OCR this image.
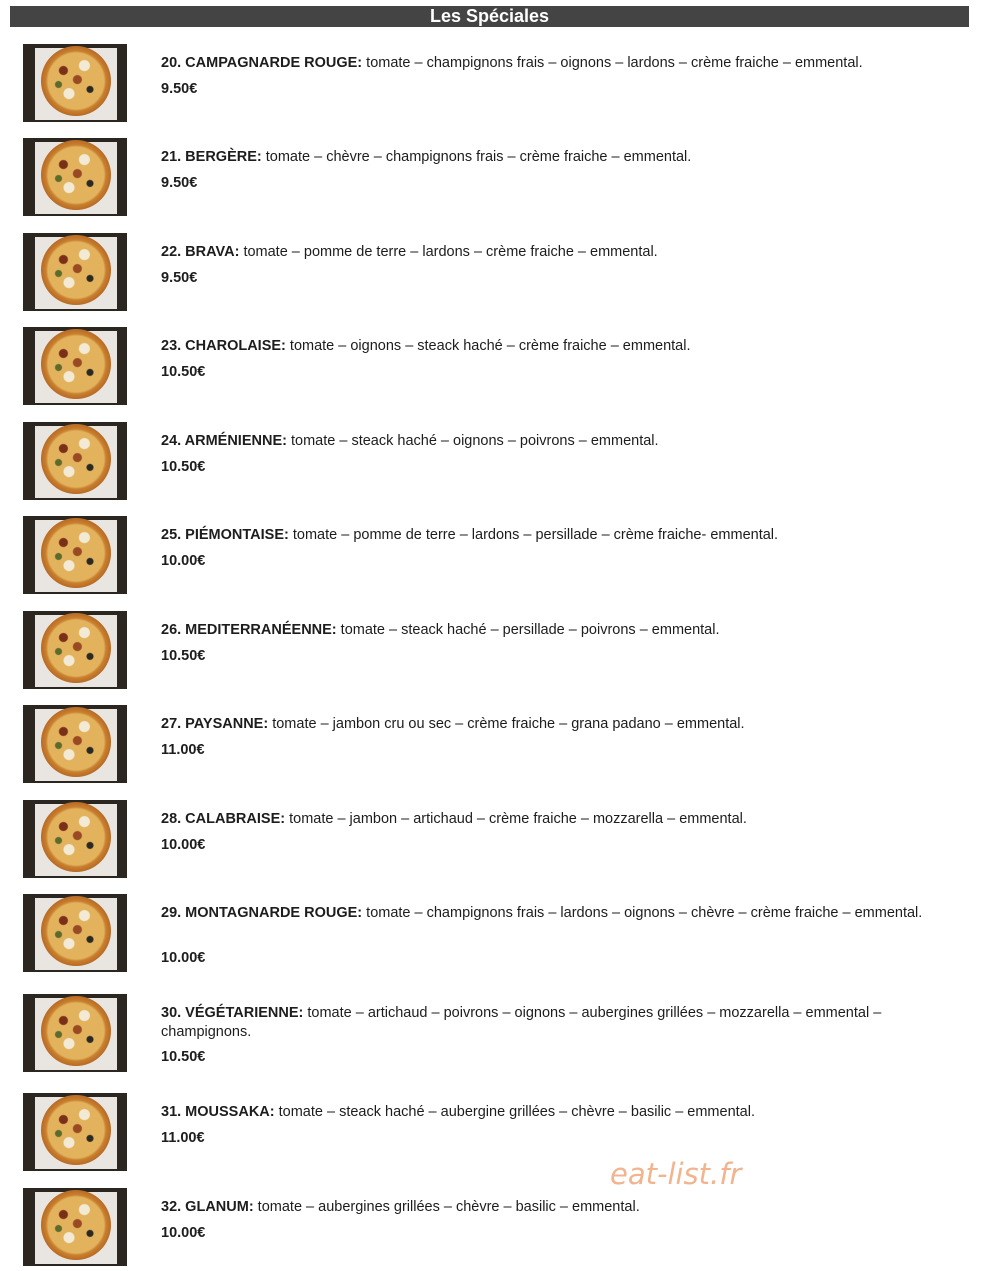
Les Spéciales
20. CAMPAGNARDE ROUGE: tomate – champignons frais – oignons – lardons – crème fraiche – emmental.
9.50€
21. BERGÈRE: tomate – chèvre – champignons frais – crème fraiche – emmental.
9.50€
22. BRAVA: tomate – pomme de terre – lardons – crème fraiche – emmental.
9.50€
23. CHAROLAISE: tomate – oignons – steack haché – crème fraiche – emmental.
10.50€
24. ARMÉNIENNE: tomate – steack haché – oignons – poivrons – emmental.
10.50€
25. PIÉMONTAISE: tomate – pomme de terre – lardons – persillade – crème fraiche- emmental.
10.00€
26. MEDITERRANÉENNE: tomate – steack haché – persillade – poivrons – emmental.
10.50€
27. PAYSANNE: tomate – jambon cru ou sec – crème fraiche – grana padano – emmental.
11.00€
28. CALABRAISE: tomate – jambon – artichaud – crème fraiche – mozzarella – emmental.
10.00€
29. MONTAGNARDE ROUGE: tomate – champignons frais – lardons – oignons – chèvre – crème fraiche – emmental.
10.00€
30. VÉGÉTARIENNE: tomate – artichaud – poivrons – oignons – aubergines grillées – mozzarella – emmental – champignons.
10.50€
31. MOUSSAKA: tomate – steack haché – aubergine grillées – chèvre – basilic – emmental.
11.00€
32. GLANUM: tomate – aubergines grillées – chèvre – basilic – emmental.
10.00€
eat-list.fr
